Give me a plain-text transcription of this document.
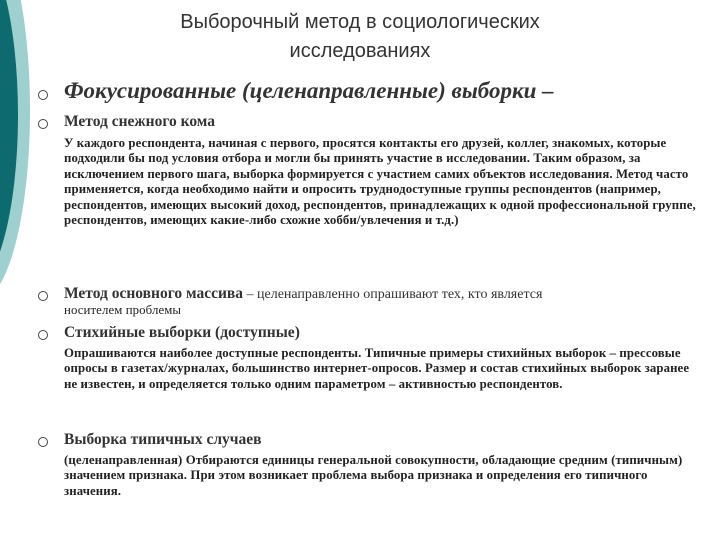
Выборочный метод в социологических исследованиях
Фокусированные (целенаправленные) выборки –
Метод снежного кома
У каждого респондента, начиная с первого, просятся контакты его друзей, коллег, знакомых, которые подходили бы под условия отбора и могли бы принять участие в исследовании. Таким образом, за исключением первого шага, выборка формируется с участием самих объектов исследования. Метод часто применяется, когда необходимо найти и опросить труднодоступные группы респондентов (например, респондентов, имеющих высокий доход, респондентов, принадлежащих к одной профессиональной группе, респондентов, имеющих какие-либо схожие хобби/увлечения и т.д.)
Метод основного массива – целенаправленно опрашивают тех, кто является
носителем проблемы
Стихийные выборки (доступные)
Опрашиваются наиболее доступные респонденты. Типичные примеры стихийных выборок – прессовые опросы в газетах/журналах, большинство интернет-опросов. Размер и состав стихийных выборок заранее не известен, и определяется только одним параметром – активностью респондентов.
Выборка типичных случаев
(целенаправленная) Отбираются единицы генеральной совокупности, обладающие средним (типичным) значением признака. При этом возникает проблема выбора признака и определения его типичного значения.
